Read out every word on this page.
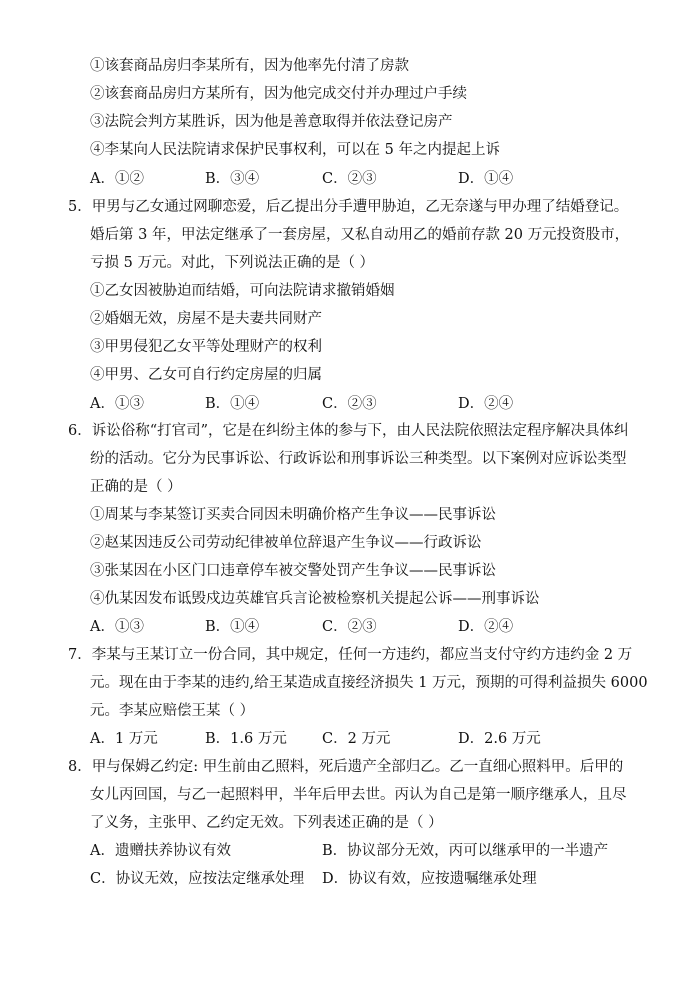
①该套商品房归李某所有，因为他率先付清了房款
②该套商品房归方某所有，因为他完成交付并办理过户手续
③法院会判方某胜诉，因为他是善意取得并依法登记房产
④李某向人民法院请求保护民事权利，可以在 5 年之内提起上诉
A．①②	B．③④	C．②③	D．①④
5．甲男与乙女通过网聊恋爱，后乙提出分手遭甲胁迫，乙无奈遂与甲办理了结婚登记。
婚后第 3 年，甲法定继承了一套房屋，又私自动用乙的婚前存款 20 万元投资股市，
亏损 5 万元。对此，下列说法正确的是（ ）
①乙女因被胁迫而结婚，可向法院请求撤销婚姻
②婚姻无效，房屋不是夫妻共同财产
③甲男侵犯乙女平等处理财产的权利
④甲男、乙女可自行约定房屋的归属
A．①③	B．①④	C．②③	D．②④
6．诉讼俗称“打官司”，它是在纠纷主体的参与下，由人民法院依照法定程序解决具体纠
纷的活动。它分为民事诉讼、行政诉讼和刑事诉讼三种类型。以下案例对应诉讼类型
正确的是（ ）
①周某与李某签订买卖合同因未明确价格产生争议——民事诉讼
②赵某因违反公司劳动纪律被单位辞退产生争议——行政诉讼
③张某因在小区门口违章停车被交警处罚产生争议——民事诉讼
④仇某因发布诋毁戍边英雄官兵言论被检察机关提起公诉——刑事诉讼
A．①③	B．①④	C．②③	D．②④
7．李某与王某订立一份合同，其中规定，任何一方违约，都应当支付守约方违约金 2 万
元。现在由于李某的违约,给王某造成直接经济损失 1 万元，预期的可得利益损失 6000
元。李某应赔偿王某（ ）
A．1 万元	B．1.6 万元 C．2 万元	D．2.6 万元
8．甲与保姆乙约定: 甲生前由乙照料，死后遗产全部归乙。乙一直细心照料甲。后甲的
女儿丙回国，与乙一起照料甲，半年后甲去世。丙认为自己是第一顺序继承人，且尽
了义务，主张甲、乙约定无效。下列表述正确的是（ ）
A．遗赠扶养协议有效	B．协议部分无效，丙可以继承甲的一半遗产
C．协议无效，应按法定继承处理 D．协议有效，应按遗嘱继承处理
